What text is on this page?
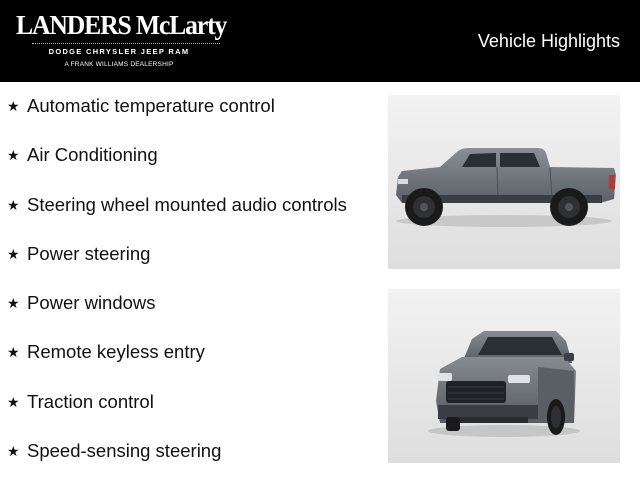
LANDERS McLarty
DODGE CHRYSLER JEEP RAM
A FRANK WILLIAMS DEALERSHIP
Vehicle Highlights
★ Automatic temperature control
★ Air Conditioning
★ Steering wheel mounted audio controls
★ Power steering
★ Power windows
★ Remote keyless entry
★ Traction control
★ Speed-sensing steering
